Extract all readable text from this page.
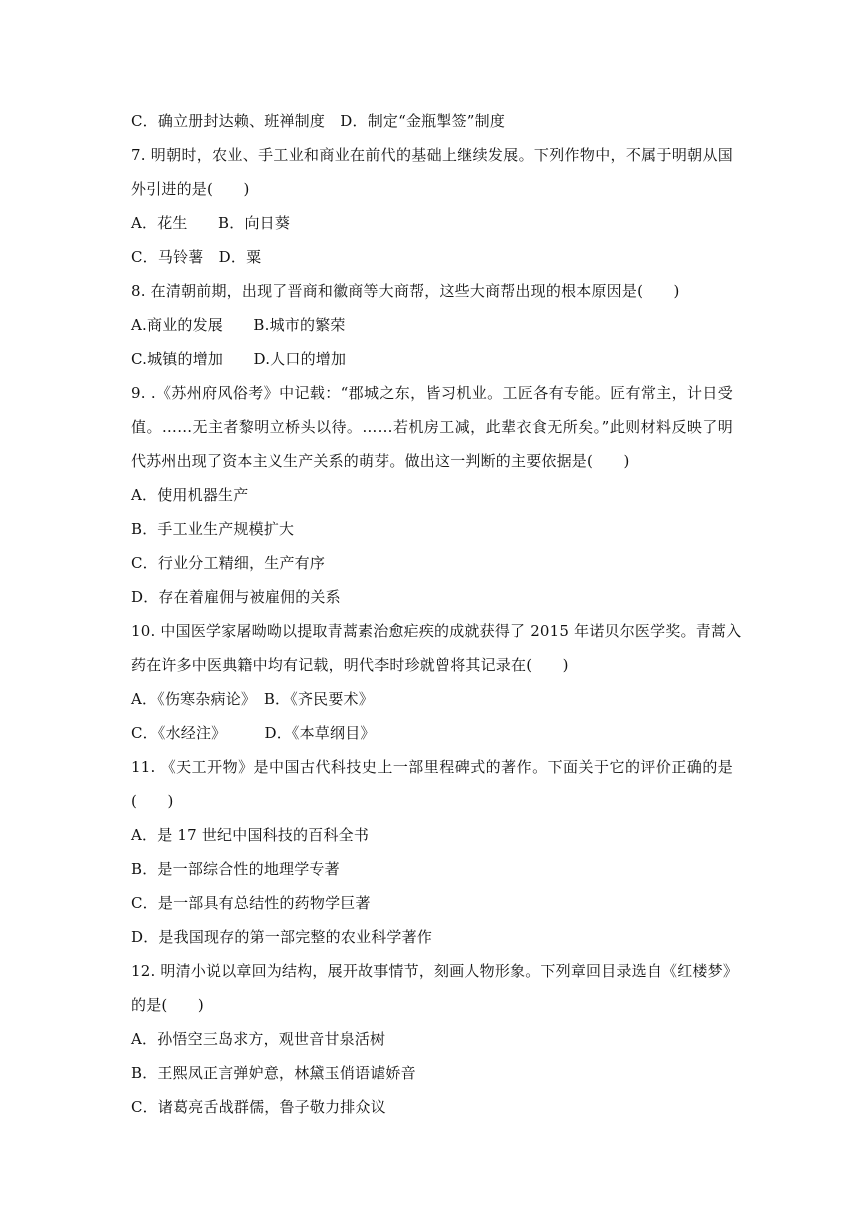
C．确立册封达赖、班禅制度　D．制定“金瓶掣签”制度
7. 明朝时，农业、手工业和商业在前代的基础上继续发展。下列作物中，不属于明朝从国
外引进的是(　　)
A．花生　　B．向日葵
C．马铃薯　D．粟
8. 在清朝前期，出现了晋商和徽商等大商帮，这些大商帮出现的根本原因是(　　)
A.商业的发展　　B.城市的繁荣
C.城镇的增加　　D.人口的增加
9. .《苏州府风俗考》中记载：“郡城之东，皆习机业。工匠各有专能。匠有常主，计日受
值。……无主者黎明立桥头以待。……若机房工减，此辈衣食无所矣。”此则材料反映了明
代苏州出现了资本主义生产关系的萌芽。做出这一判断的主要依据是(　　)
A．使用机器生产
B．手工业生产规模扩大
C．行业分工精细，生产有序
D．存在着雇佣与被雇佣的关系
10. 中国医学家屠呦呦以提取青蒿素治愈疟疾的成就获得了 2015 年诺贝尔医学奖。青蒿入
药在许多中医典籍中均有记载，明代李时珍就曾将其记录在(　　)
A．《伤寒杂病论》　B．《齐民要术》
C．《水经注》　　　D．《本草纲目》
11. 《天工开物》是中国古代科技史上一部里程碑式的著作。下面关于它的评价正确的是
(　　)
A．是 17 世纪中国科技的百科全书
B．是一部综合性的地理学专著
C．是一部具有总结性的药物学巨著
D．是我国现存的第一部完整的农业科学著作
12. 明清小说以章回为结构，展开故事情节，刻画人物形象。下列章回目录选自《红楼梦》
的是(　　)
A．孙悟空三岛求方，观世音甘泉活树
B．王熙凤正言弹妒意，林黛玉俏语谑娇音
C．诸葛亮舌战群儒，鲁子敬力排众议
